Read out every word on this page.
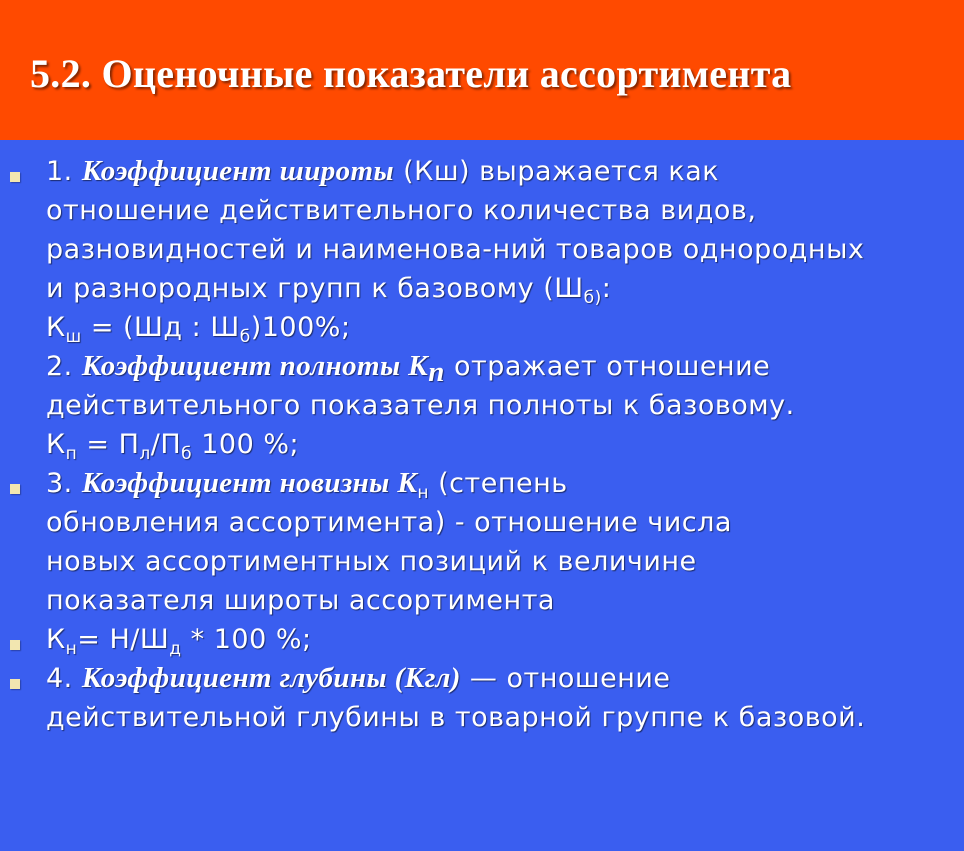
5.2. Оценочные показатели ассортимента
1. Коэффициент широты (Кш) выражается как
отношение действительного количества видов,
разновидностей и наименова-ний товаров однородных
и разнородных групп к базовому ($Ш_{б)}$:
$К_ш = (Шд$ : $Ш_б)100\%$;
2. Коэффициент полноты $К_п$ отражает отношение
действительного показателя полноты к базовому.
$К_п = П_л/П_б$ 100 %;
3. Коэффициент новизны $К_н$ (степень
обновления ассортимента) - отношение числа
новых ассортиментных позиций к величине
показателя широты ассортимента
$К_н= Н/Ш_д * 100$ %;
4. Коэффициент глубины (Кгл) — отношение
действительной глубины в товарной группе к базовой.
